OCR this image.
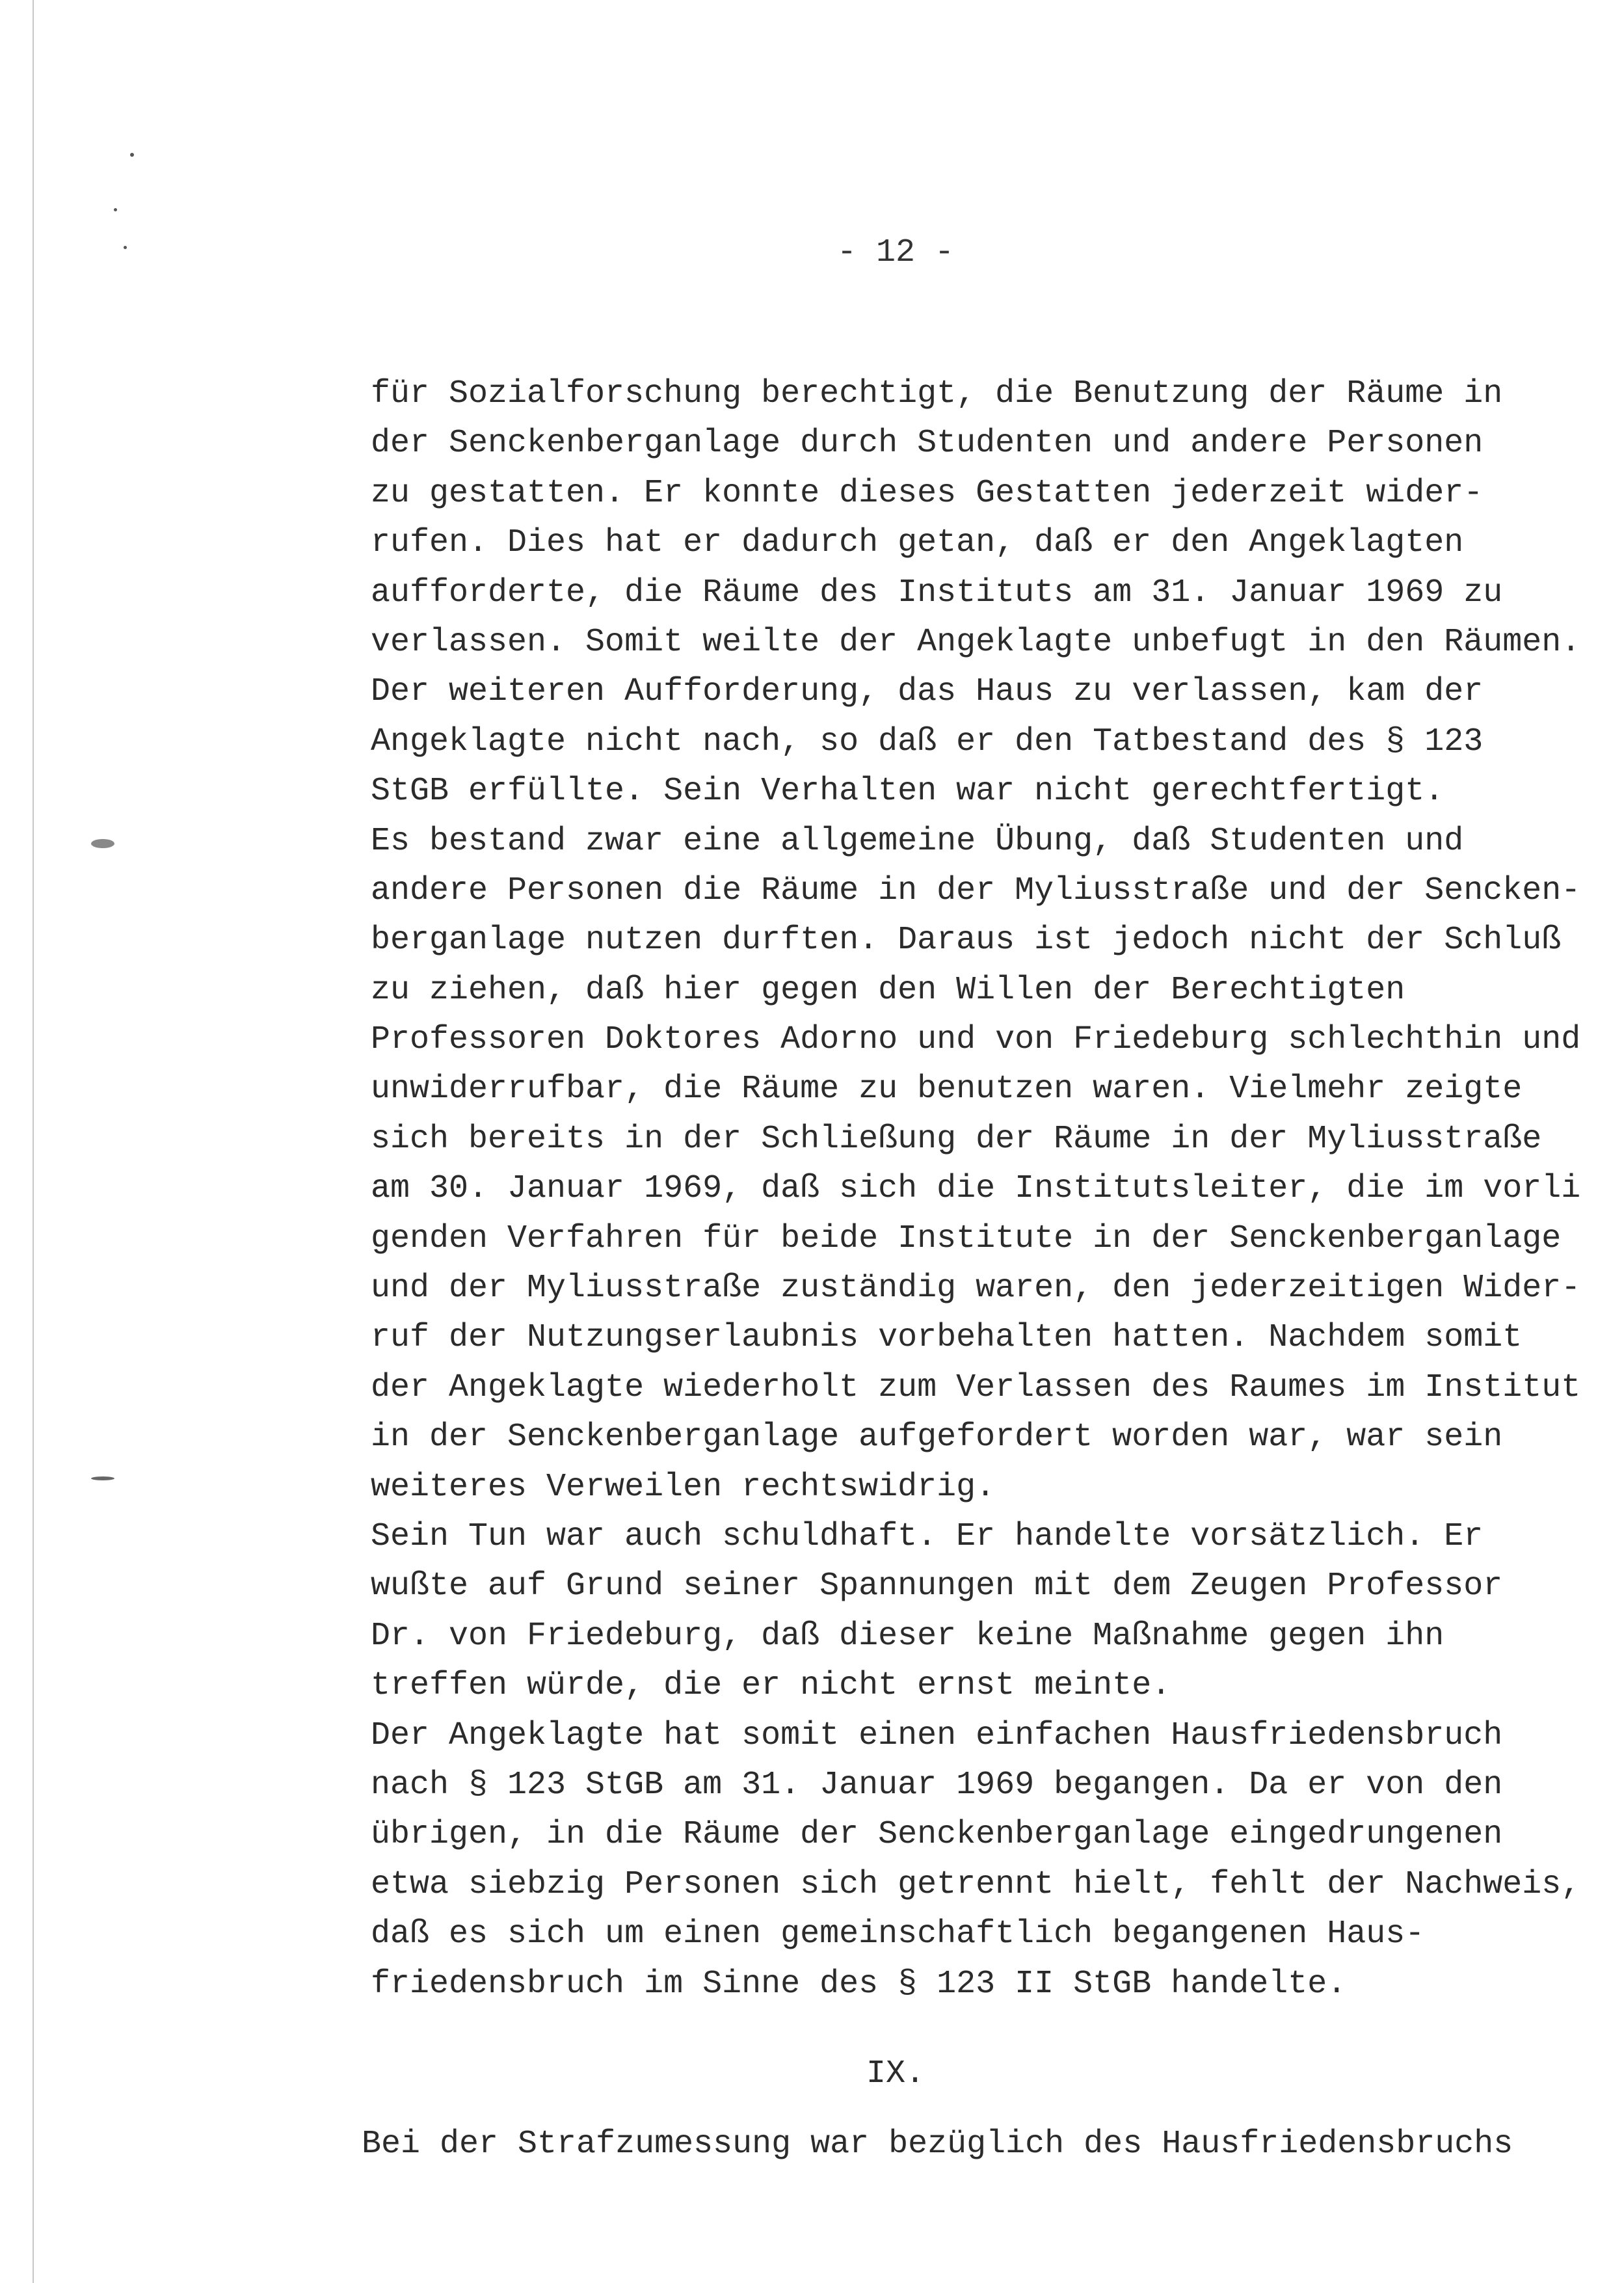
- 12 -
für Sozialforschung berechtigt, die Benutzung der Räume in
der Senckenberganlage durch Studenten und andere Personen
zu gestatten. Er konnte dieses Gestatten jederzeit wider-
rufen. Dies hat er dadurch getan, daß er den Angeklagten
aufforderte, die Räume des Instituts am 31. Januar 1969 zu
verlassen. Somit weilte der Angeklagte unbefugt in den Räumen.
Der weiteren Aufforderung, das Haus zu verlassen, kam der
Angeklagte nicht nach, so daß er den Tatbestand des § 123
StGB erfüllte. Sein Verhalten war nicht gerechtfertigt.
Es bestand zwar eine allgemeine Übung, daß Studenten und
andere Personen die Räume in der Myliusstraße und der Sencken-
berganlage nutzen durften. Daraus ist jedoch nicht der Schluß
zu ziehen, daß hier gegen den Willen der Berechtigten
Professoren Doktores Adorno und von Friedeburg schlechthin und
unwiderrufbar, die Räume zu benutzen waren. Vielmehr zeigte
sich bereits in der Schließung der Räume in der Myliusstraße
am 30. Januar 1969, daß sich die Institutsleiter, die im vorli
genden Verfahren für beide Institute in der Senckenberganlage
und der Myliusstraße zuständig waren, den jederzeitigen Wider-
ruf der Nutzungserlaubnis vorbehalten hatten. Nachdem somit
der Angeklagte wiederholt zum Verlassen des Raumes im Institut
in der Senckenberganlage aufgefordert worden war, war sein
weiteres Verweilen rechtswidrig.
Sein Tun war auch schuldhaft. Er handelte vorsätzlich. Er
wußte auf Grund seiner Spannungen mit dem Zeugen Professor
Dr. von Friedeburg, daß dieser keine Maßnahme gegen ihn
treffen würde, die er nicht ernst meinte.
Der Angeklagte hat somit einen einfachen Hausfriedensbruch
nach § 123 StGB am 31. Januar 1969 begangen. Da er von den
übrigen, in die Räume der Senckenberganlage eingedrungenen
etwa siebzig Personen sich getrennt hielt, fehlt der Nachweis,
daß es sich um einen gemeinschaftlich begangenen Haus-
friedensbruch im Sinne des § 123 II StGB handelte.
IX.
Bei der Strafzumessung war bezüglich des Hausfriedensbruchs
